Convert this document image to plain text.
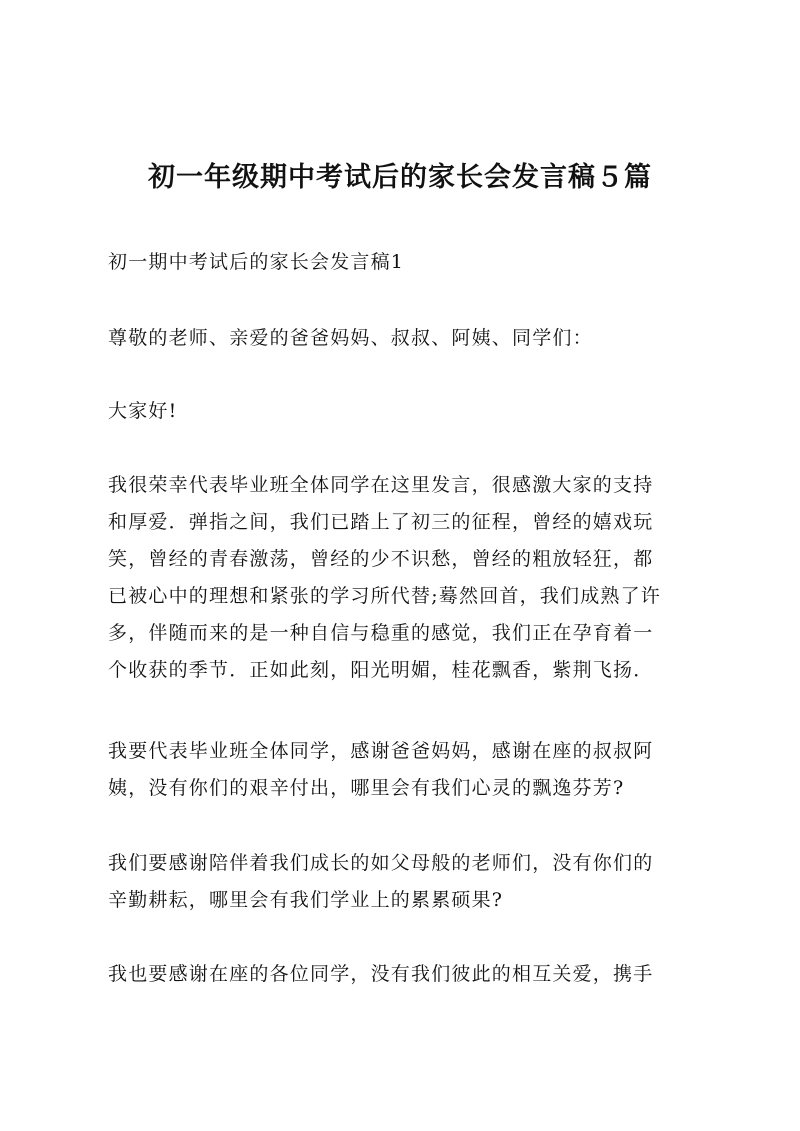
初一年级期中考试后的家长会发言稿５篇

初一期中考试后的家长会发言稿1

尊敬的老师、亲爱的爸爸妈妈、叔叔、阿姨、同学们：

大家好!

我很荣幸代表毕业班全体同学在这里发言，很感激大家的支持
和厚爱．弹指之间，我们已踏上了初三的征程，曾经的嬉戏玩
笑，曾经的青春激荡，曾经的少不识愁，曾经的粗放轻狂，都
已被心中的理想和紧张的学习所代替;蓦然回首，我们成熟了许
多，伴随而来的是一种自信与稳重的感觉，我们正在孕育着一
个收获的季节．正如此刻，阳光明媚，桂花飘香，紫荆飞扬．
我要代表毕业班全体同学，感谢爸爸妈妈，感谢在座的叔叔阿
姨，没有你们的艰辛付出，哪里会有我们心灵的飘逸芬芳?
我们要感谢陪伴着我们成长的如父母般的老师们，没有你们的
辛勤耕耘，哪里会有我们学业上的累累硕果?
我也要感谢在座的各位同学，没有我们彼此的相互关爱，携手
